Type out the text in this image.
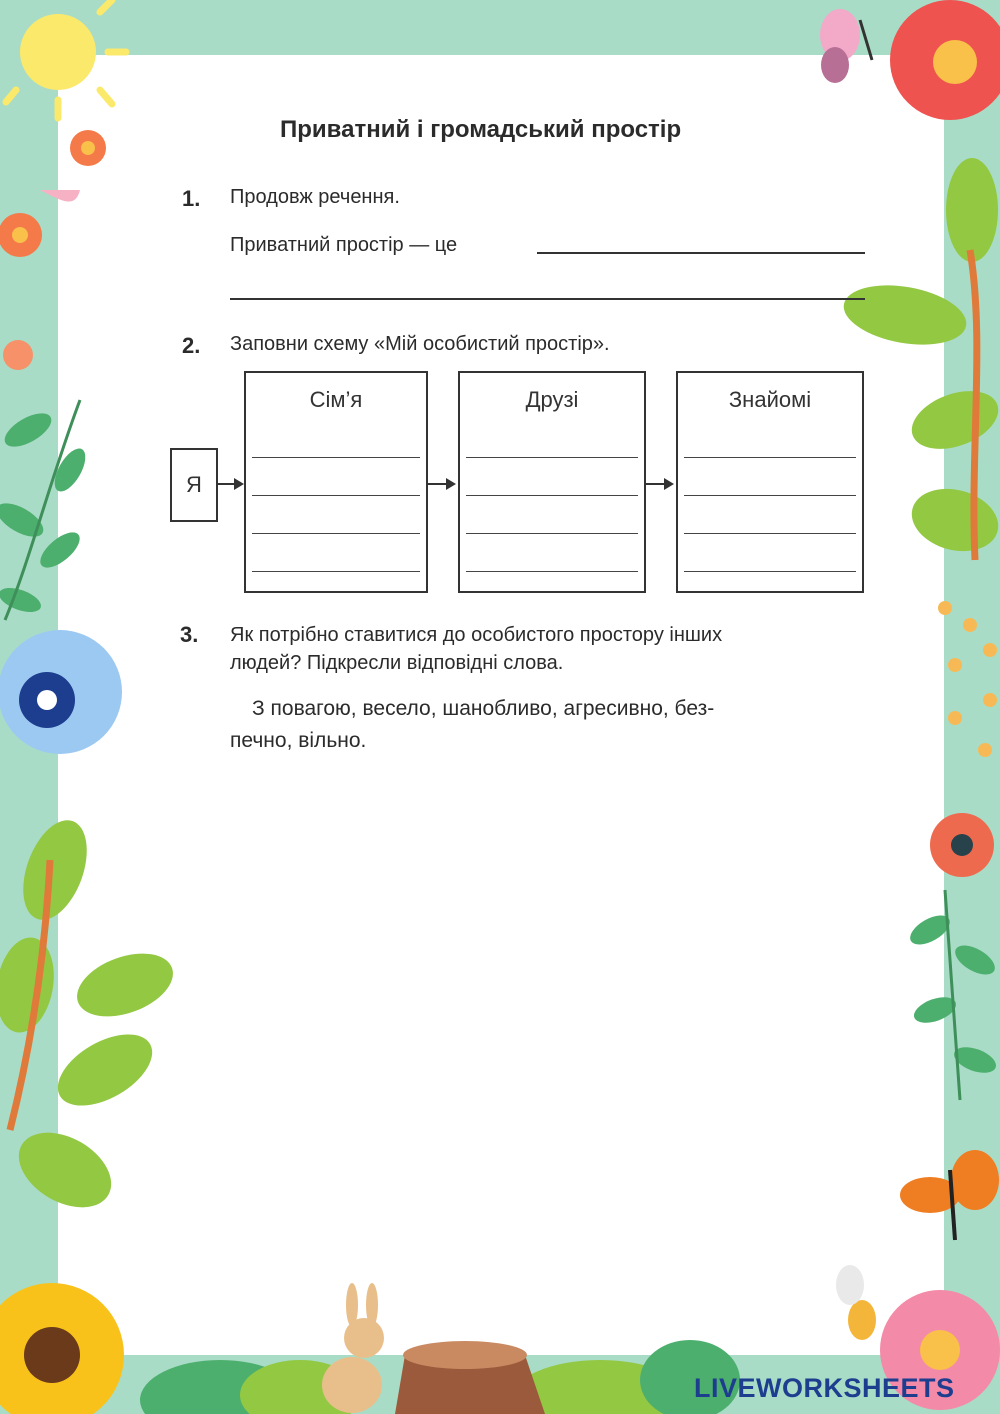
Приватний і громадський простір
1. Продовж речення.
Приватний простір — це
2. Заповни схему «Мій особистий простір».
Я
Сім’я	Друзі	Знайомі
3. Як потрібно ставитися до особистого простору інших
людей? Підкресли відповідні слова.
З повагою, весело, шанобливо, агресивно, без-
печно, вільно.
LIVEWORKSHEETS
